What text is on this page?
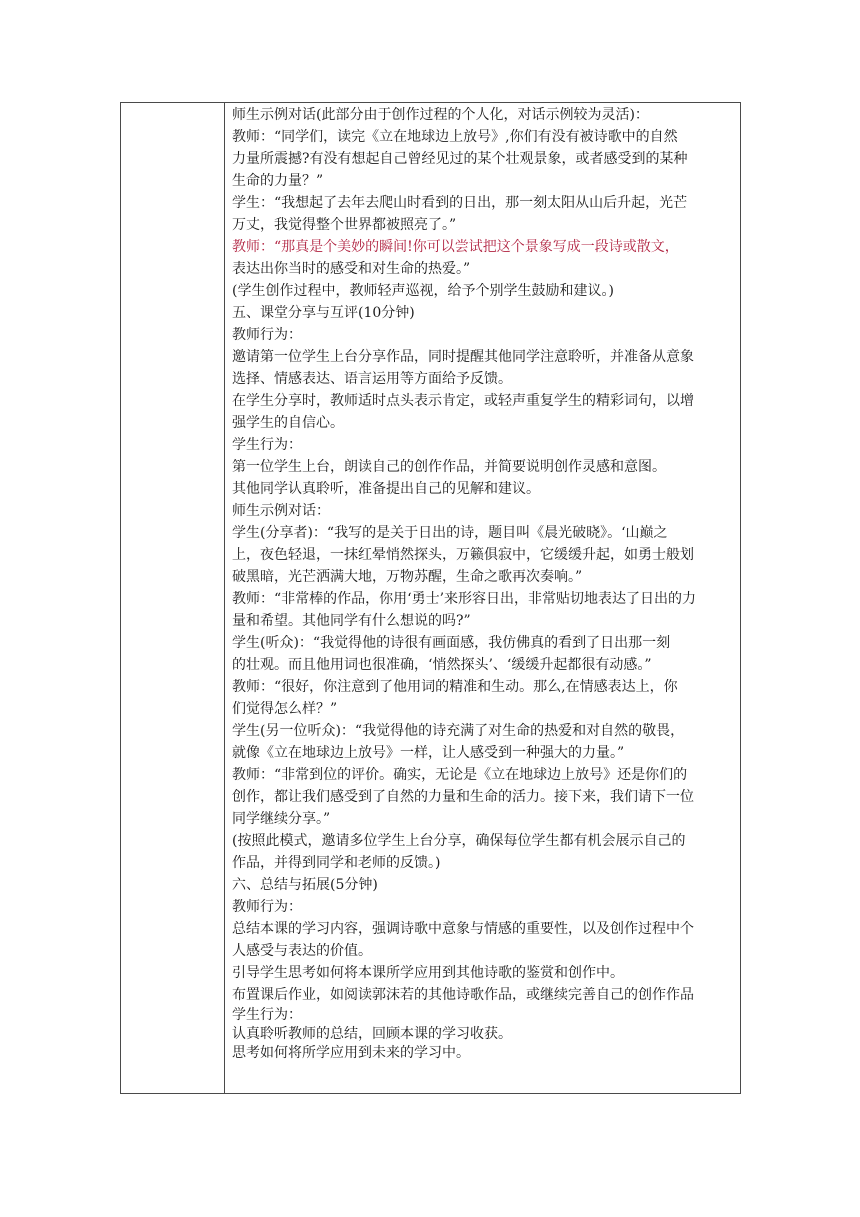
师生示例对话(此部分由于创作过程的个人化，对话示例较为灵活)：
教师：“同学们，读完《立在地球边上放号》,你们有没有被诗歌中的自然
力量所震撼?有没有想起自己曾经见过的某个壮观景象，或者感受到的某种
生命的力量？”
学生：“我想起了去年去爬山时看到的日出，那一刻太阳从山后升起，光芒
万丈，我觉得整个世界都被照亮了。”
教师：“那真是个美妙的瞬间!你可以尝试把这个景象写成一段诗或散文，
表达出你当时的感受和对生命的热爱。”
(学生创作过程中，教师轻声巡视，给予个别学生鼓励和建议。)
五、课堂分享与互评(10分钟)
教师行为：
邀请第一位学生上台分享作品，同时提醒其他同学注意聆听，并准备从意象
选择、情感表达、语言运用等方面给予反馈。
在学生分享时，教师适时点头表示肯定，或轻声重复学生的精彩词句，以增
强学生的自信心。
学生行为：
第一位学生上台，朗读自己的创作作品，并简要说明创作灵感和意图。
其他同学认真聆听，准备提出自己的见解和建议。
师生示例对话：
学生(分享者)：“我写的是关于日出的诗，题目叫《晨光破晓》。‘山巅之
上，夜色轻退，一抹红晕悄然探头，万籁俱寂中，它缓缓升起，如勇士般划
破黑暗，光芒洒满大地，万物苏醒，生命之歌再次奏响。”
教师：“非常棒的作品，你用‘勇士’来形容日出，非常贴切地表达了日出的力
量和希望。其他同学有什么想说的吗?”
学生(听众)：“我觉得他的诗很有画面感，我仿佛真的看到了日出那一刻
的壮观。而且他用词也很准确，‘悄然探头’、‘缓缓升起都很有动感。”
教师：“很好，你注意到了他用词的精准和生动。那么,在情感表达上，你
们觉得怎么样？”
学生(另一位听众)：“我觉得他的诗充满了对生命的热爱和对自然的敬畏，
就像《立在地球边上放号》一样，让人感受到一种强大的力量。”
教师：“非常到位的评价。确实，无论是《立在地球边上放号》还是你们的
创作，都让我们感受到了自然的力量和生命的活力。接下来，我们请下一位
同学继续分享。”
(按照此模式，邀请多位学生上台分享，确保每位学生都有机会展示自己的
作品，并得到同学和老师的反馈。)
六、总结与拓展(5分钟)
教师行为：
总结本课的学习内容，强调诗歌中意象与情感的重要性，以及创作过程中个
人感受与表达的价值。
引导学生思考如何将本课所学应用到其他诗歌的鉴赏和创作中。
布置课后作业，如阅读郭沫若的其他诗歌作品，或继续完善自己的创作作品
学生行为：
认真聆听教师的总结，回顾本课的学习收获。
思考如何将所学应用到未来的学习中。
